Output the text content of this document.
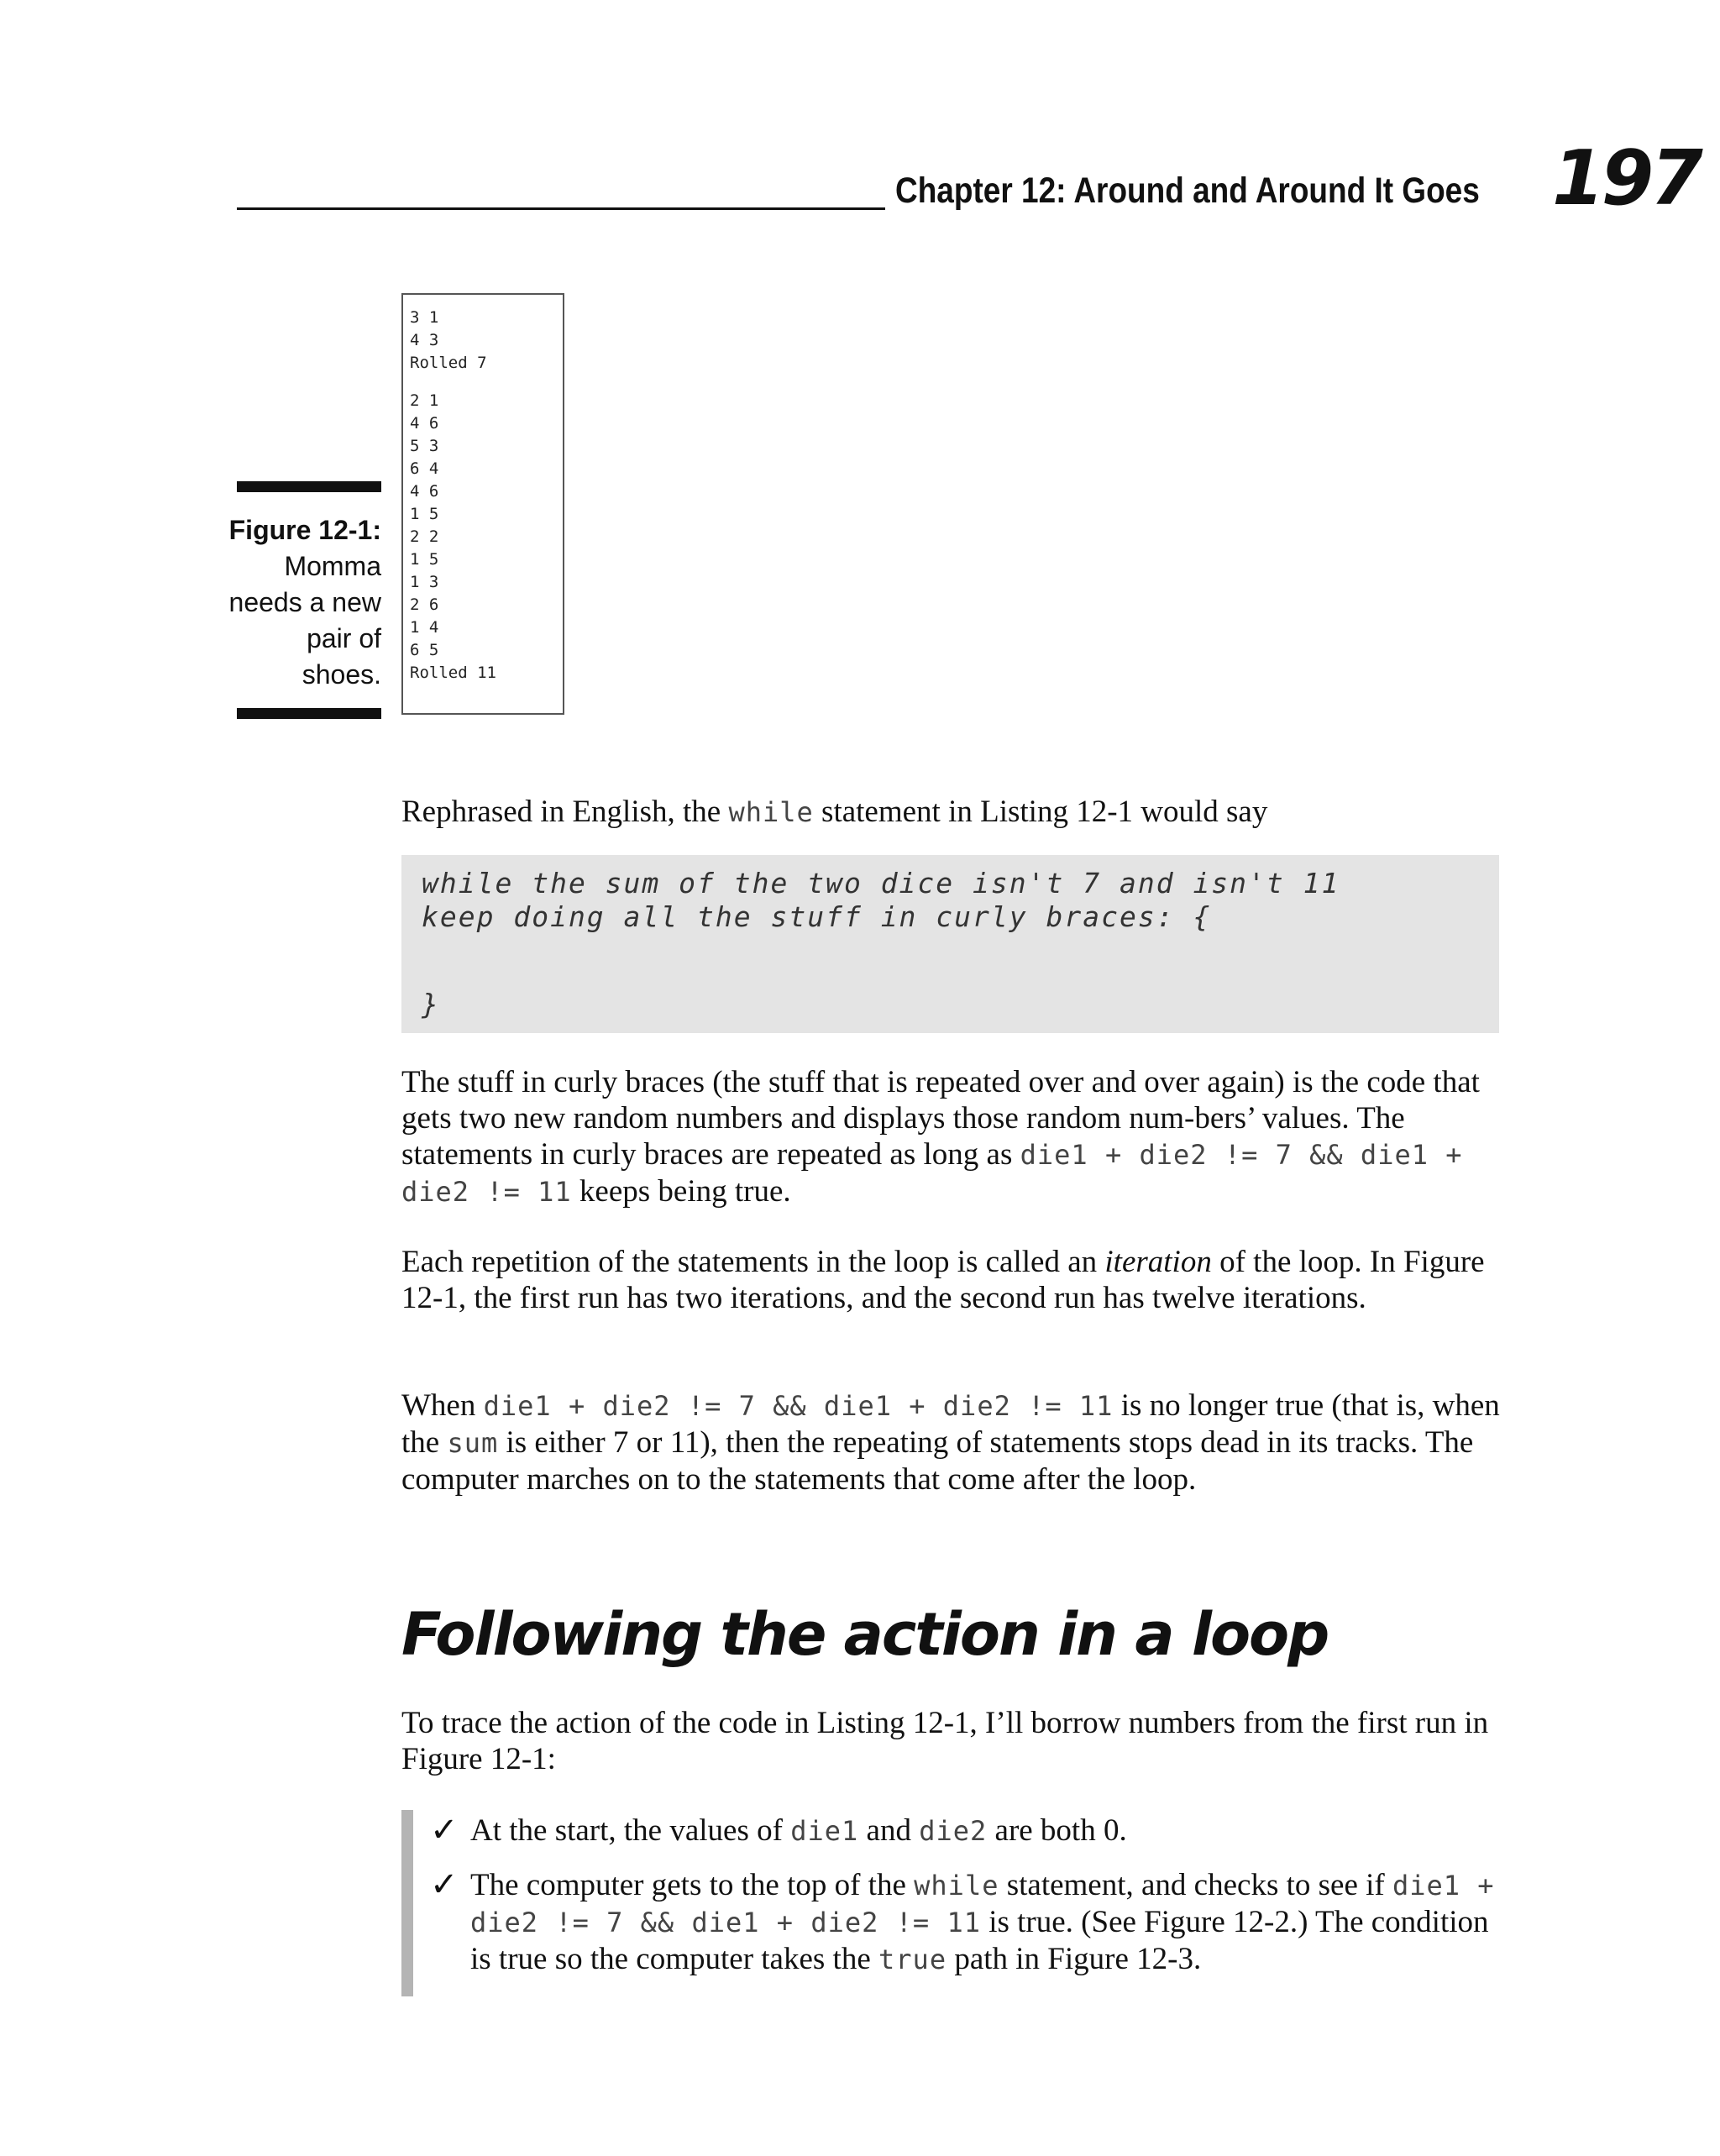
Chapter 12: Around and Around It Goes 197
Figure 12-1:
Momma needs a new pair of shoes.
3 1
4 3
Rolled 7
2 1
4 6
5 3
6 4
4 6
1 5
2 2
1 5
1 3
2 6
1 4
6 5
Rolled 11
Rephrased in English, the while statement in Listing 12-1 would say
while the sum of the two dice isn't 7 and isn't 11
keep doing all the stuff in curly braces: {
}
The stuff in curly braces (the stuff that is repeated over and over again) is the code that gets two new random numbers and displays those random num-bers’ values. The statements in curly braces are repeated as long as die1 + die2 != 7 && die1 + die2 != 11 keeps being true.
Each repetition of the statements in the loop is called an iteration of the loop. In Figure 12-1, the first run has two iterations, and the second run has twelve iterations.
When die1 + die2 != 7 && die1 + die2 != 11 is no longer true (that is, when the sum is either 7 or 11), then the repeating of statements stops dead in its tracks. The computer marches on to the statements that come after the loop.
Following the action in a loop
To trace the action of the code in Listing 12-1, I’ll borrow numbers from the first run in Figure 12-1:
✓ At the start, the values of die1 and die2 are both 0.
✓ The computer gets to the top of the while statement, and checks to see if die1 + die2 != 7 && die1 + die2 != 11 is true. (See Figure 12-2.) The condition is true so the computer takes the true path in Figure 12-3.
